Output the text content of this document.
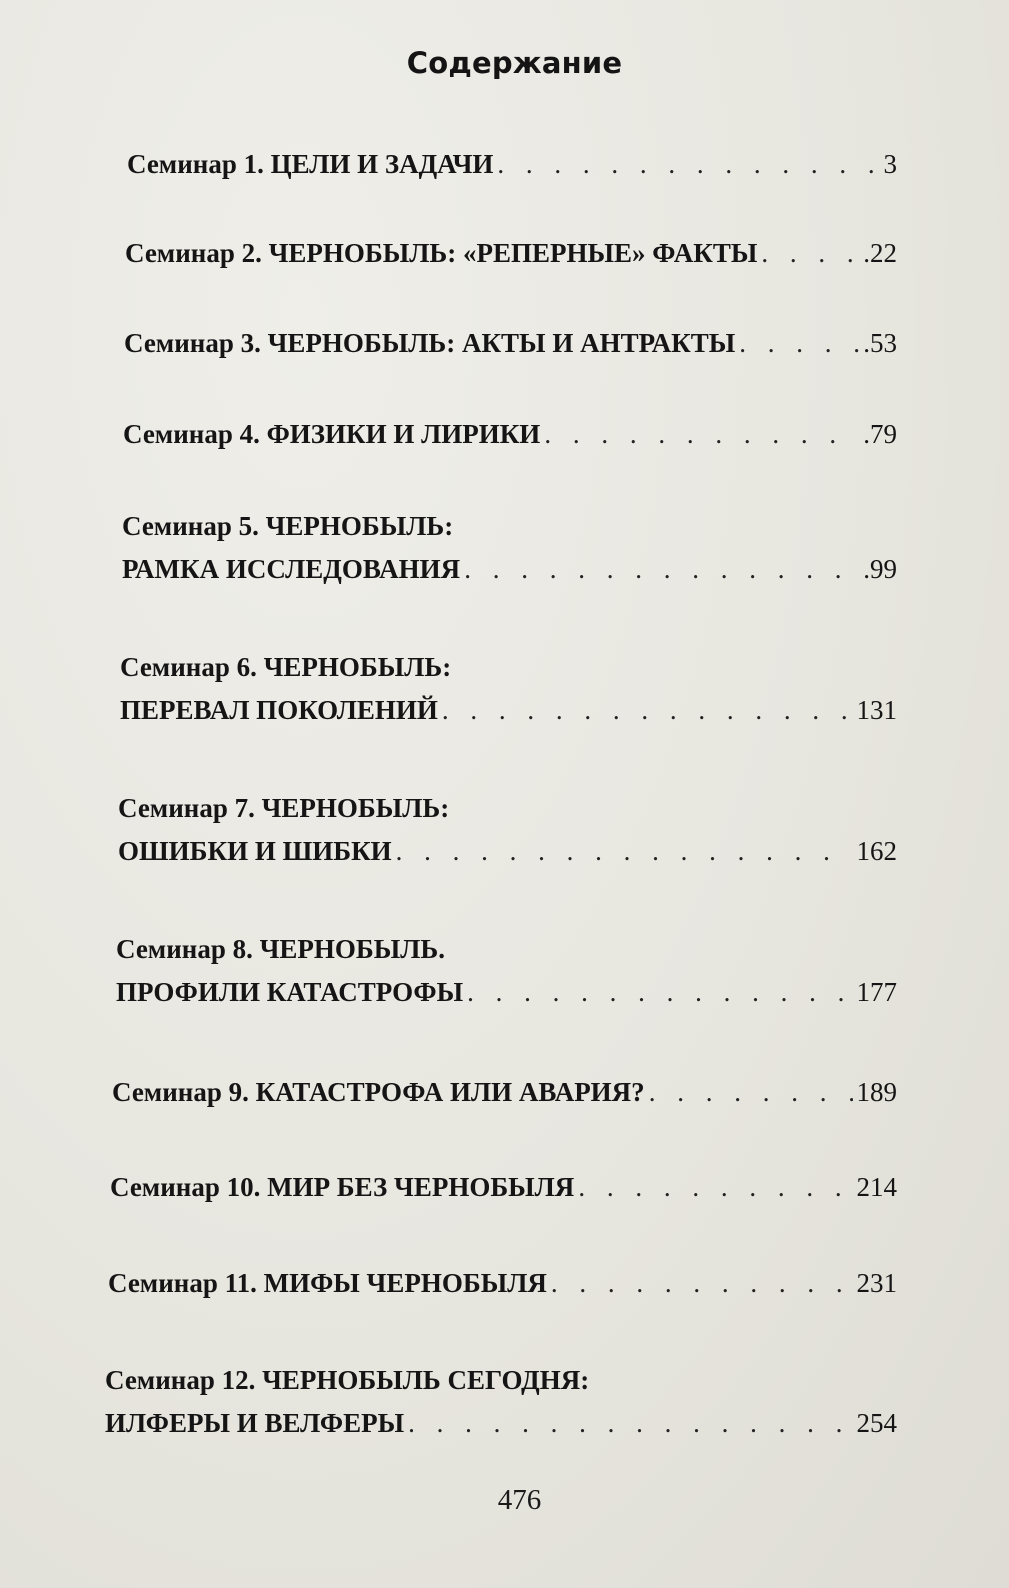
Содержание
Семинар 1. ЦЕЛИ И ЗАДАЧИ . . .	3
Семинар 2. ЧЕРНОБЫЛЬ: «РЕПЕРНЫЕ» ФАКТЫ . . .	.22
Семинар 3. ЧЕРНОБЫЛЬ: АКТЫ И АНТРАКТЫ . . .	.53
Семинар 4. ФИЗИКИ И ЛИРИКИ . . .	.79
Семинар 5. ЧЕРНОБЫЛЬ:
РАМКА ИССЛЕДОВАНИЯ . . .	.99
Семинар 6. ЧЕРНОБЫЛЬ:
ПЕРЕВАЛ ПОКОЛЕНИЙ . . .	131
Семинар 7. ЧЕРНОБЫЛЬ:
ОШИБКИ И ШИБКИ . . .	162
Семинар 8. ЧЕРНОБЫЛЬ.
ПРОФИЛИ КАТАСТРОФЫ . . .	177
Семинар 9. КАТАСТРОФА ИЛИ АВАРИЯ? . . .	189
Семинар 10. МИР БЕЗ ЧЕРНОБЫЛЯ . . .	214
Семинар 11. МИФЫ ЧЕРНОБЫЛЯ . . .	231
Семинар 12. ЧЕРНОБЫЛЬ СЕГОДНЯ:
ИЛФЕРЫ И ВЕЛФЕРЫ . . .	254
476
